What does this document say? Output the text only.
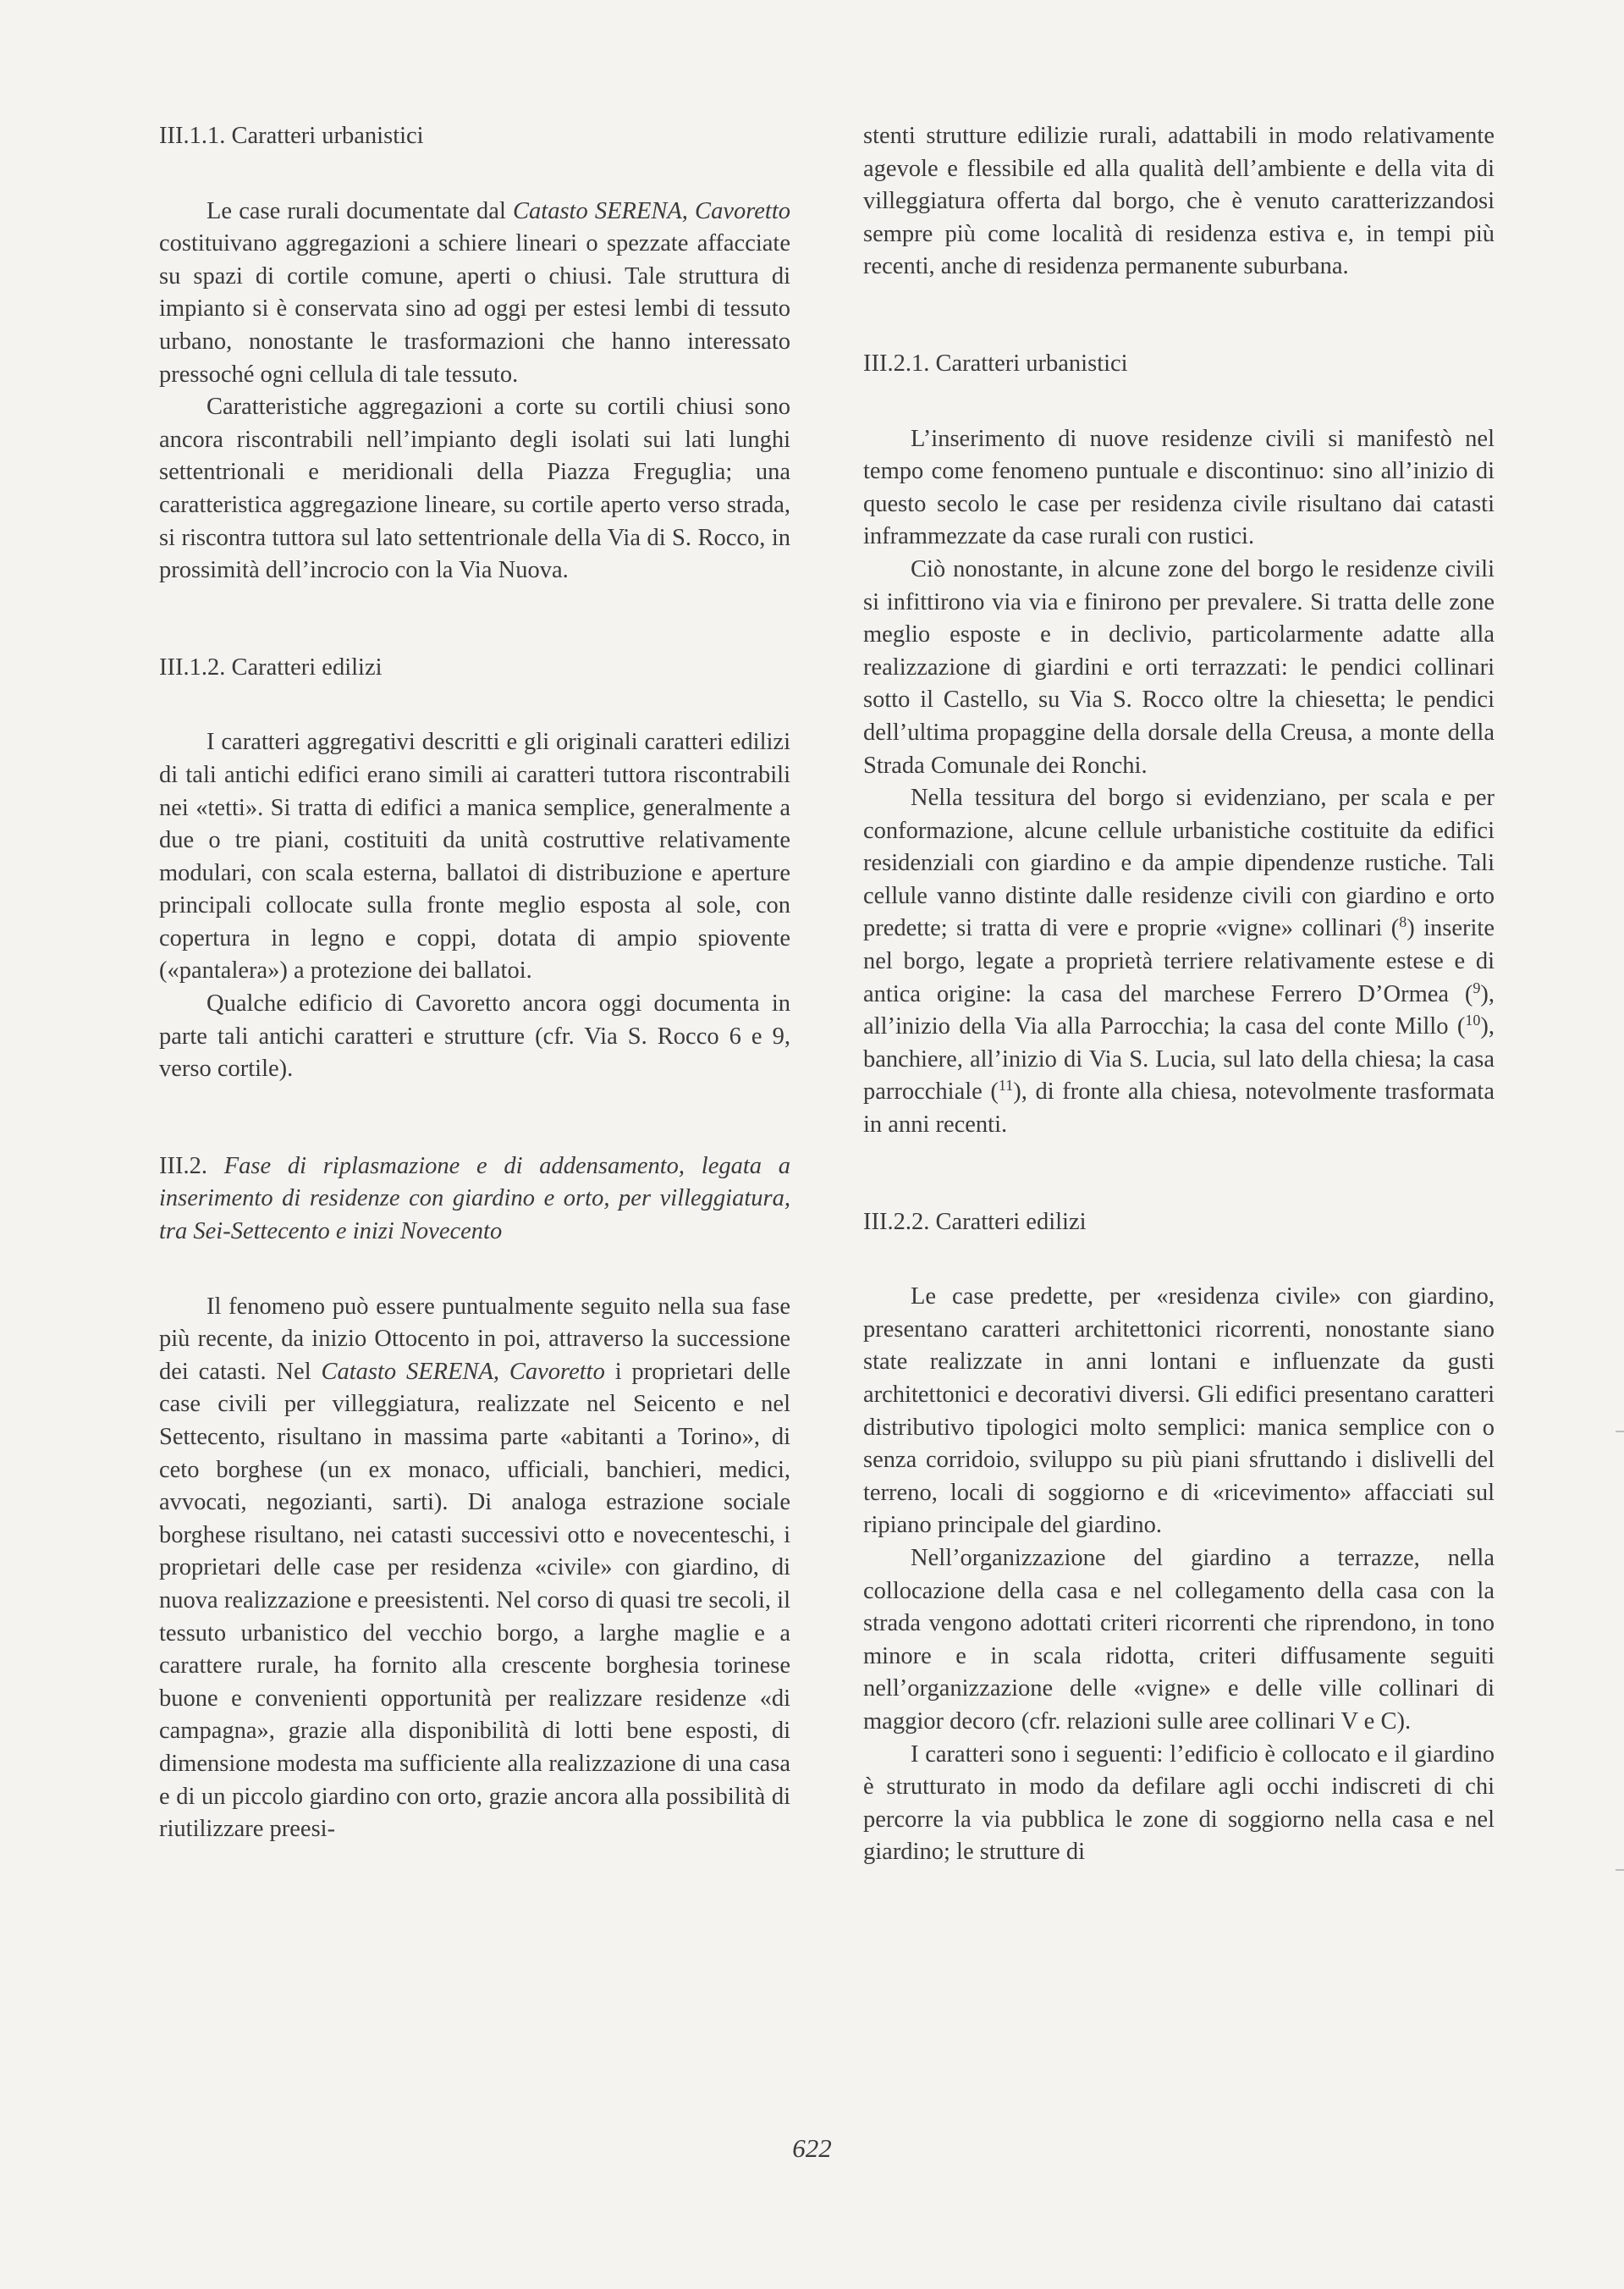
III.1.1. Caratteri urbanistici

Le case rurali documentate dal Catasto SERENA, Cavoretto costituivano aggregazioni a schiere lineari o spezzate affacciate su spazi di cortile comune, aperti o chiusi. Tale struttura di impianto si è conservata sino ad oggi per estesi lembi di tessuto urbano, nonostante le trasformazioni che hanno interessato pressoché ogni cellula di tale tessuto.

Caratteristiche aggregazioni a corte su cortili chiusi sono ancora riscontrabili nell’impianto degli isolati sui lati lunghi settentrionali e meridionali della Piazza Freguglia; una caratteristica aggregazione lineare, su cortile aperto verso strada, si riscontra tuttora sul lato settentrionale della Via di S. Rocco, in prossimità dell’incrocio con la Via Nuova.

III.1.2. Caratteri edilizi

I caratteri aggregativi descritti e gli originali caratteri edilizi di tali antichi edifici erano simili ai caratteri tuttora riscontrabili nei «tetti». Si tratta di edifici a manica semplice, generalmente a due o tre piani, costituiti da unità costruttive relativamente modulari, con scala esterna, ballatoi di distribuzione e aperture principali collocate sulla fronte meglio esposta al sole, con copertura in legno e coppi, dotata di ampio spiovente («pantalera») a protezione dei ballatoi.

Qualche edificio di Cavoretto ancora oggi documenta in parte tali antichi caratteri e strutture (cfr. Via S. Rocco 6 e 9, verso cortile).

III.2. Fase di riplasmazione e di addensamento, legata a inserimento di residenze con giardino e orto, per villeggiatura, tra Sei-Settecento e inizi Novecento

Il fenomeno può essere puntualmente seguito nella sua fase più recente, da inizio Ottocento in poi, attraverso la successione dei catasti. Nel Catasto SERENA, Cavoretto i proprietari delle case civili per villeggiatura, realizzate nel Seicento e nel Settecento, risultano in massima parte «abitanti a Torino», di ceto borghese (un ex monaco, ufficiali, banchieri, medici, avvocati, negozianti, sarti). Di analoga estrazione sociale borghese risultano, nei catasti successivi otto e novecenteschi, i proprietari delle case per residenza «civile» con giardino, di nuova realizzazione e preesistenti. Nel corso di quasi tre secoli, il tessuto urbanistico del vecchio borgo, a larghe maglie e a carattere rurale, ha fornito alla crescente borghesia torinese buone e convenienti opportunità per realizzare residenze «di campagna», grazie alla disponibilità di lotti bene esposti, di dimensione modesta ma sufficiente alla realizzazione di una casa e di un piccolo giardino con orto, grazie ancora alla possibilità di riutilizzare preesi-

stenti strutture edilizie rurali, adattabili in modo relativamente agevole e flessibile ed alla qualità dell’ambiente e della vita di villeggiatura offerta dal borgo, che è venuto caratterizzandosi sempre più come località di residenza estiva e, in tempi più recenti, anche di residenza permanente suburbana.

III.2.1. Caratteri urbanistici

L’inserimento di nuove residenze civili si manifestò nel tempo come fenomeno puntuale e discontinuo: sino all’inizio di questo secolo le case per residenza civile risultano dai catasti inframmezzate da case rurali con rustici.

Ciò nonostante, in alcune zone del borgo le residenze civili si infittirono via via e finirono per prevalere. Si tratta delle zone meglio esposte e in declivio, particolarmente adatte alla realizzazione di giardini e orti terrazzati: le pendici collinari sotto il Castello, su Via S. Rocco oltre la chiesetta; le pendici dell’ultima propaggine della dorsale della Creusa, a monte della Strada Comunale dei Ronchi.

Nella tessitura del borgo si evidenziano, per scala e per conformazione, alcune cellule urbanistiche costituite da edifici residenziali con giardino e da ampie dipendenze rustiche. Tali cellule vanno distinte dalle residenze civili con giardino e orto predette; si tratta di vere e proprie «vigne» collinari ($^8$) inserite nel borgo, legate a proprietà terriere relativamente estese e di antica origine: la casa del marchese Ferrero D’Ormea ($^9$), all’inizio della Via alla Parrocchia; la casa del conte Millo ($^{10}$), banchiere, all’inizio di Via S. Lucia, sul lato della chiesa; la casa parrocchiale ($^{11}$), di fronte alla chiesa, notevolmente trasformata in anni recenti.

III.2.2. Caratteri edilizi

Le case predette, per «residenza civile» con giardino, presentano caratteri architettonici ricorrenti, nonostante siano state realizzate in anni lontani e influenzate da gusti architettonici e decorativi diversi. Gli edifici presentano caratteri distributivo tipologici molto semplici: manica semplice con o senza corridoio, sviluppo su più piani sfruttando i dislivelli del terreno, locali di soggiorno e di «ricevimento» affacciati sul ripiano principale del giardino.

Nell’organizzazione del giardino a terrazze, nella collocazione della casa e nel collegamento della casa con la strada vengono adottati criteri ricorrenti che riprendono, in tono minore e in scala ridotta, criteri diffusamente seguiti nell’organizzazione delle «vigne» e delle ville collinari di maggior decoro (cfr. relazioni sulle aree collinari V e C).

I caratteri sono i seguenti: l’edificio è collocato e il giardino è strutturato in modo da defilare agli occhi indiscreti di chi percorre la via pubblica le zone di soggiorno nella casa e nel giardino; le strutture di

622
